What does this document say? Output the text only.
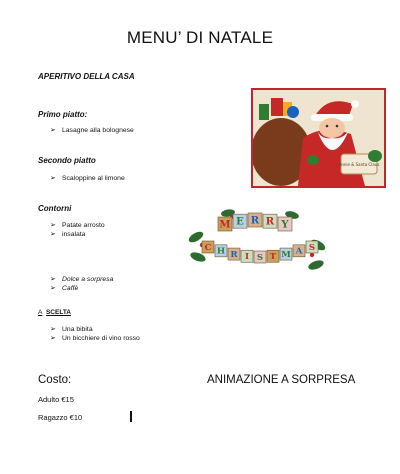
MENU’ DI NATALE
APERITIVO DELLA CASA
Primo piatto:
➢ Lasagne alla bolognese
Secondo piatto
➢ Scaloppine al limone
Contorni
➢ Patate arrosto
➢ insalata
➢ Dolce a sorpresa
➢ Caffè
A SCELTA
➢ Una bibita
➢ Un bicchiere di vino rosso
Costo:	ANIMAZIONE A SORPRESA
Adulto €15
Ragazzo €10
Annie & Santa Claus
M E R R Y
C H R I S T M A S
